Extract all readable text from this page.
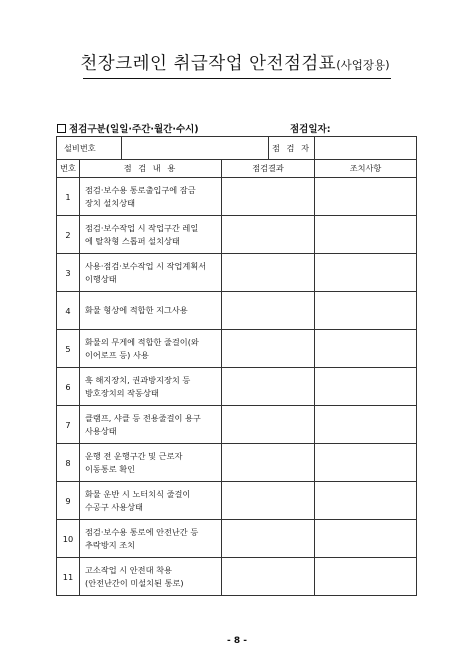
천장크레인 취급작업 안전점검표(사업장용)
점검구분(일일·주간·월간·수시)	점검일자:
설비번호				점 검 자	
번호	점 검 내 용		점검결과		조치사항
1	점검·보수용 통로출입구에 잠금
장치 설치상태				

2	점검·보수작업 시 작업구간 레일
에 탈착형 스톱퍼 설치상태				

3	사용·점검·보수작업 시 작업계획서
이행상태				

4	화물 형상에 적합한 지그사용				

5	화물의 무게에 적합한 줄걸이(와
이어로프 등) 사용				

6	훅 해지장치, 권과방지장치 등
방호장치의 작동상태				

7	클램프, 샤클 등 전용줄걸이 용구
사용상태				

8	운행 전 운행구간 및 근로자
이동통로 확인				

9	화물 운반 시 노터치식 줄걸이
수공구 사용상태				

10	점검·보수용 통로에 안전난간 등
추락방지 조치				

11	고소작업 시 안전대 착용
(안전난간이 미설치된 통로)				

- 8 -
